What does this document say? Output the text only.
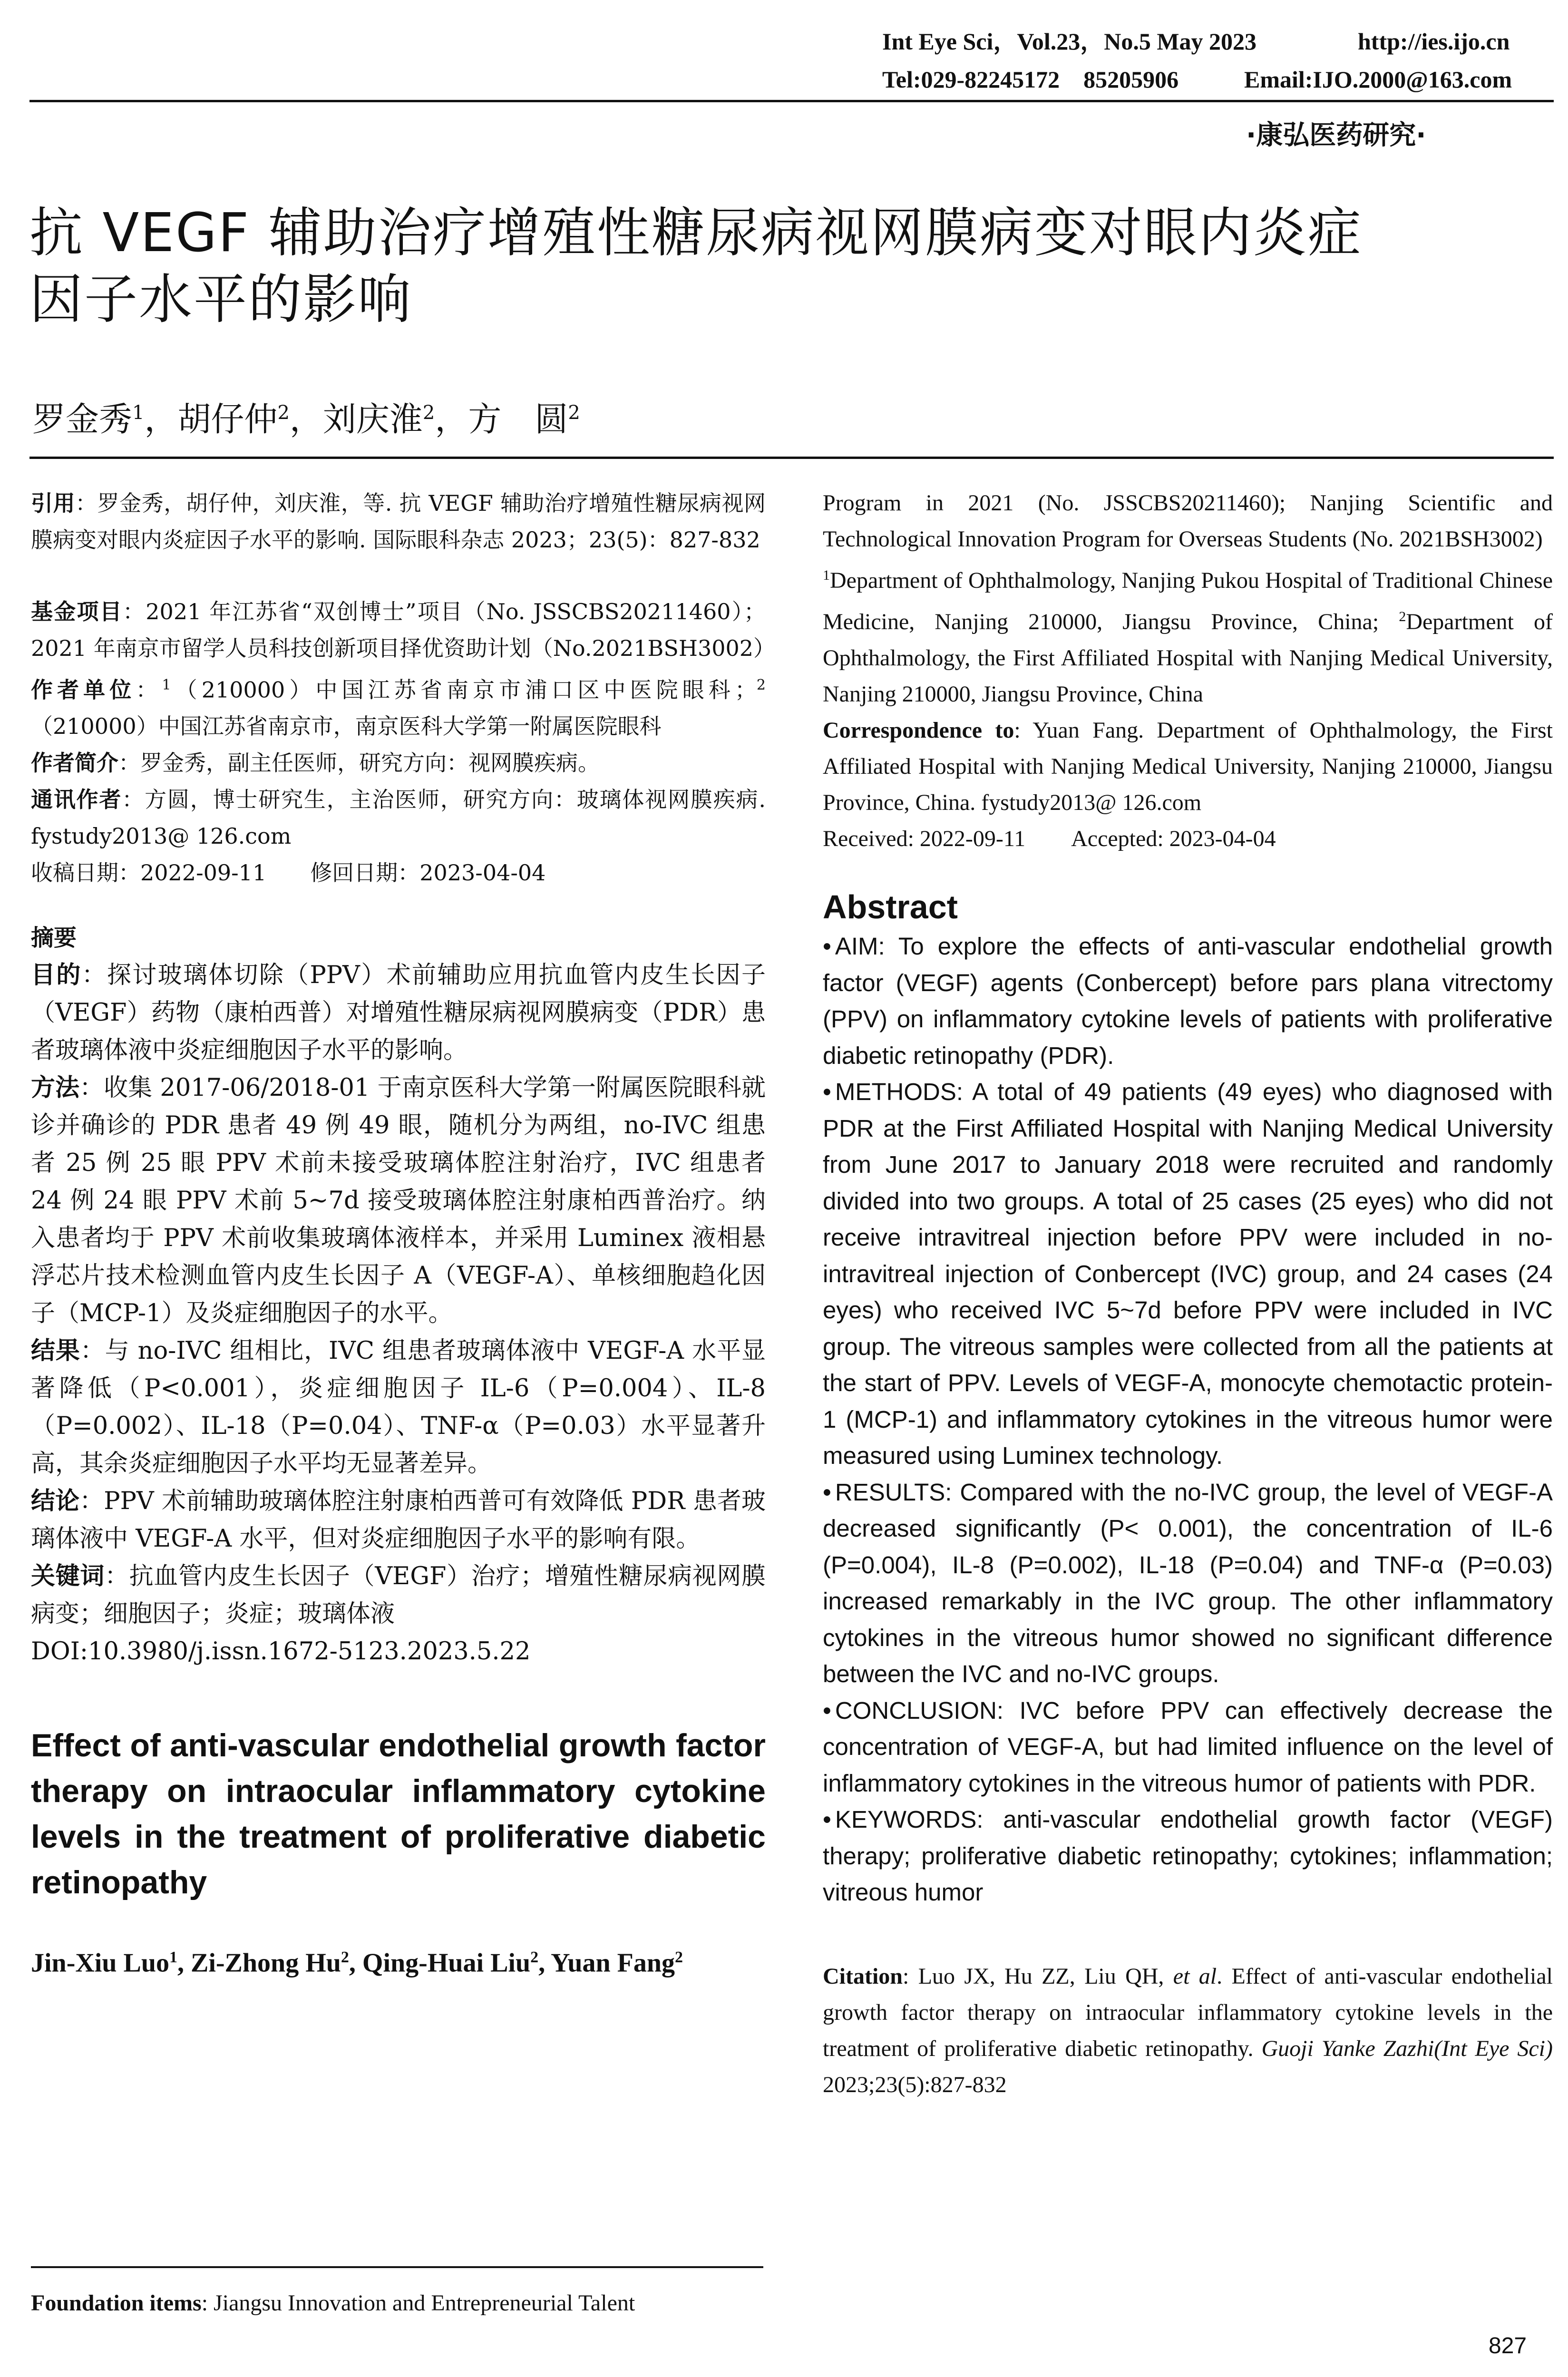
Int Eye Sci，Vol.23，No.5 May 2023	http://ies.ijo.cn
Tel:029-82245172　85205906	Email:IJO.2000@163.com
·康弘医药研究·
抗 VEGF 辅助治疗增殖性糖尿病视网膜病变对眼内炎症
因子水平的影响
罗金秀$^1$，胡仔仲$^2$，刘庆淮$^2$，方　圆$^2$

引用：罗金秀，胡仔仲，刘庆淮，等. 抗 VEGF 辅助治疗增殖性糖尿病视网膜病变对眼内炎症因子水平的影响. 国际眼科杂志 2023；23(5)：827-832

基金项目：2021 年江苏省“双创博士”项目（No. JSSCBS20211460）；2021 年南京市留学人员科技创新项目择优资助计划（No.2021BSH3002）

作者单位：$^1$（210000）中国江苏省南京市浦口区中医院眼科；$^2$（210000）中国江苏省南京市，南京医科大学第一附属医院眼科

作者简介：罗金秀，副主任医师，研究方向：视网膜疾病。

通讯作者：方圆，博士研究生，主治医师，研究方向：玻璃体视网膜疾病. fystudy2013@ 126.com

收稿日期：2022-09-11　　修回日期：2023-04-04

摘要

目的：探讨玻璃体切除（PPV）术前辅助应用抗血管内皮生长因子（VEGF）药物（康柏西普）对增殖性糖尿病视网膜病变（PDR）患者玻璃体液中炎症细胞因子水平的影响。

方法：收集 2017-06/2018-01 于南京医科大学第一附属医院眼科就诊并确诊的 PDR 患者 49 例 49 眼，随机分为两组，no-IVC 组患者 25 例 25 眼 PPV 术前未接受玻璃体腔注射治疗，IVC 组患者 24 例 24 眼 PPV 术前 5~7d 接受玻璃体腔注射康柏西普治疗。纳入患者均于 PPV 术前收集玻璃体液样本，并采用 Luminex 液相悬浮芯片技术检测血管内皮生长因子 A（VEGF-A）、单核细胞趋化因子（MCP-1）及炎症细胞因子的水平。

结果：与 no-IVC 组相比，IVC 组患者玻璃体液中 VEGF-A 水平显著降低（P<0.001），炎症细胞因子 IL-6（P=0.004）、IL-8（P=0.002）、IL-18（P=0.04）、TNF-α（P=0.03）水平显著升高，其余炎症细胞因子水平均无显著差异。

结论：PPV 术前辅助玻璃体腔注射康柏西普可有效降低 PDR 患者玻璃体液中 VEGF-A 水平，但对炎症细胞因子水平的影响有限。

关键词：抗血管内皮生长因子（VEGF）治疗；增殖性糖尿病视网膜病变；细胞因子；炎症；玻璃体液

DOI:10.3980/j.issn.1672-5123.2023.5.22

Effect of anti-vascular endothelial growth factor therapy on intraocular inflammatory cytokine levels in the treatment of proliferative diabetic retinopathy
Jin-Xiu Luo$^1$, Zi-Zhong Hu$^2$, Qing-Huai Liu$^2$, Yuan Fang$^2$
Foundation items: Jiangsu Innovation and Entrepreneurial Talent

Program in 2021 (No. JSSCBS20211460); Nanjing Scientific and Technological Innovation Program for Overseas Students (No. 2021BSH3002)

$^1$Department of Ophthalmology, Nanjing Pukou Hospital of Traditional Chinese Medicine, Nanjing 210000, Jiangsu Province, China; $^2$Department of Ophthalmology, the First Affiliated Hospital with Nanjing Medical University, Nanjing 210000, Jiangsu Province, China

Correspondence to: Yuan Fang. Department of Ophthalmology, the First Affiliated Hospital with Nanjing Medical University, Nanjing 210000, Jiangsu Province, China. fystudy2013@ 126.com

Received: 2022-09-11　　Accepted: 2023-04-04

Abstract

• AIM: To explore the effects of anti-vascular endothelial growth factor (VEGF) agents (Conbercept) before pars plana vitrectomy (PPV) on inflammatory cytokine levels of patients with proliferative diabetic retinopathy (PDR).

• METHODS: A total of 49 patients (49 eyes) who diagnosed with PDR at the First Affiliated Hospital with Nanjing Medical University from June 2017 to January 2018 were recruited and randomly divided into two groups. A total of 25 cases (25 eyes) who did not receive intravitreal injection before PPV were included in no-intravitreal injection of Conbercept (IVC) group, and 24 cases (24 eyes) who received IVC 5~7d before PPV were included in IVC group. The vitreous samples were collected from all the patients at the start of PPV. Levels of VEGF-A, monocyte chemotactic protein-1 (MCP-1) and inflammatory cytokines in the vitreous humor were measured using Luminex technology.

• RESULTS: Compared with the no-IVC group, the level of VEGF-A decreased significantly (P< 0.001), the concentration of IL-6 (P=0.004), IL-8 (P=0.002), IL-18 (P=0.04) and TNF-α (P=0.03) increased remarkably in the IVC group. The other inflammatory cytokines in the vitreous humor showed no significant difference between the IVC and no-IVC groups.

• CONCLUSION: IVC before PPV can effectively decrease the concentration of VEGF-A, but had limited influence on the level of inflammatory cytokines in the vitreous humor of patients with PDR.

• KEYWORDS: anti-vascular endothelial growth factor (VEGF) therapy; proliferative diabetic retinopathy; cytokines; inflammation; vitreous humor

Citation: Luo JX, Hu ZZ, Liu QH, et al. Effect of anti-vascular endothelial growth factor therapy on intraocular inflammatory cytokine levels in the treatment of proliferative diabetic retinopathy. Guoji Yanke Zazhi(Int Eye Sci) 2023;23(5):827-832

827
